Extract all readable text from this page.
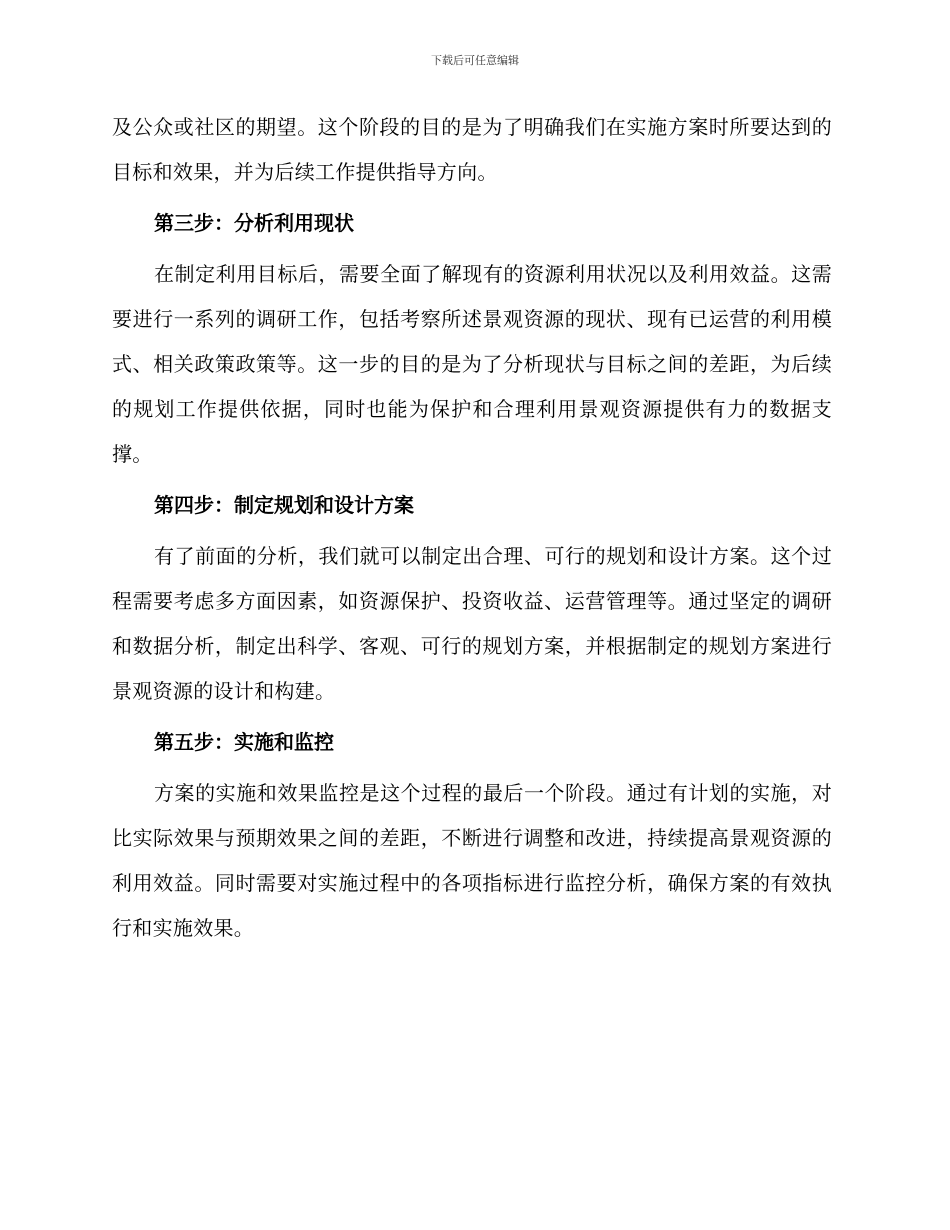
下载后可任意编辑

及公众或社区的期望。这个阶段的目的是为了明确我们在实施方案时所要达到的目标和效果，并为后续工作提供指导方向。

第三步：分析利用现状

在制定利用目标后，需要全面了解现有的资源利用状况以及利用效益。这需要进行一系列的调研工作，包括考察所述景观资源的现状、现有已运营的利用模式、相关政策政策等。这一步的目的是为了分析现状与目标之间的差距，为后续的规划工作提供依据，同时也能为保护和合理利用景观资源提供有力的数据支撑。

第四步：制定规划和设计方案

有了前面的分析，我们就可以制定出合理、可行的规划和设计方案。这个过程需要考虑多方面因素，如资源保护、投资收益、运营管理等。通过坚定的调研和数据分析，制定出科学、客观、可行的规划方案，并根据制定的规划方案进行景观资源的设计和构建。

第五步：实施和监控

方案的实施和效果监控是这个过程的最后一个阶段。通过有计划的实施，对比实际效果与预期效果之间的差距，不断进行调整和改进，持续提高景观资源的利用效益。同时需要对实施过程中的各项指标进行监控分析，确保方案的有效执行和实施效果。
